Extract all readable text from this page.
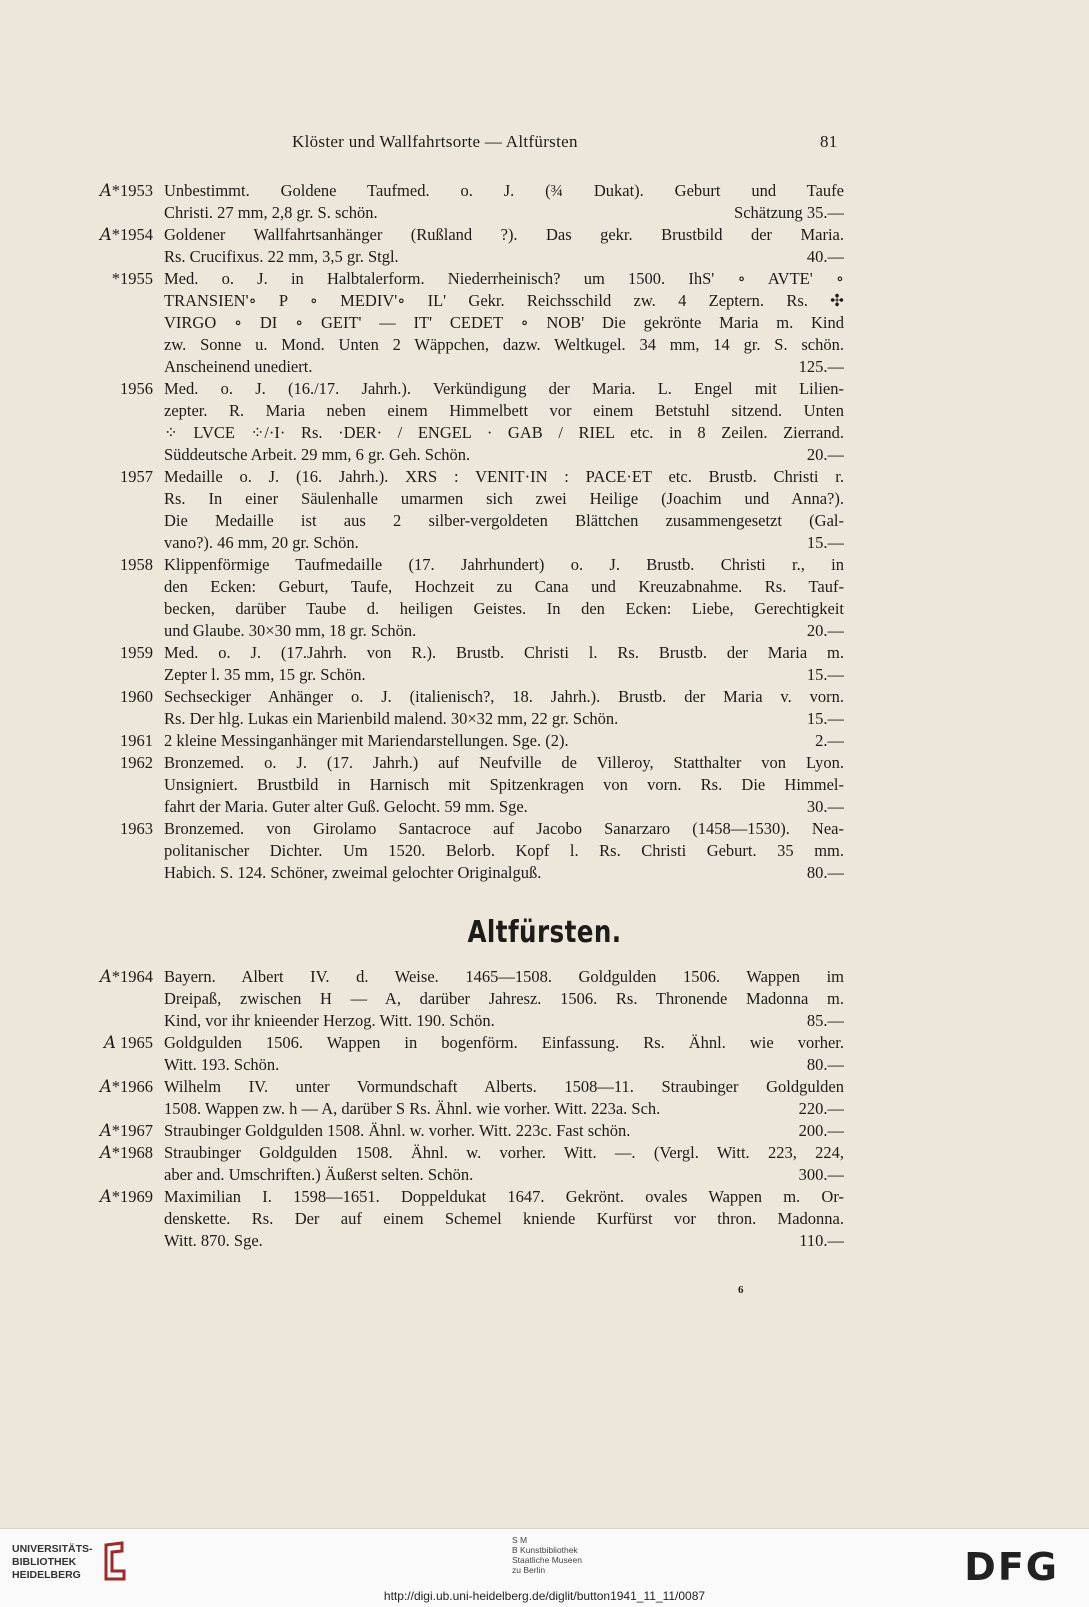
Klöster und Wallfahrtsorte — Altfürsten	81
𝐴*1953 Unbestimmt. Goldene Taufmed. o. J. (¾ Dukat). Geburt und Taufe
Christi. 27 mm, 2,8 gr. S. schön.	Schätzung 35.—
𝐴*1954 Goldener Wallfahrtsanhänger (Rußland ?). Das gekr. Brustbild der Maria.
Rs. Crucifixus. 22 mm, 3,5 gr. Stgl.	40.—
*1955 Med. o. J. in Halbtalerform. Niederrheinisch? um 1500. IhS' ∘ AVTE' ∘
TRANSIEN'∘ P ∘ MEDIV'∘ IL' Gekr. Reichsschild zw. 4 Zeptern. Rs. ✣
VIRGO ∘ DI ∘ GEIT' — IT' CEDET ∘ NOB' Die gekrönte Maria m. Kind
zw. Sonne u. Mond. Unten 2 Wäppchen, dazw. Weltkugel. 34 mm, 14 gr. S. schön.
Anscheinend unediert.	125.—
1956 Med. o. J. (16./17. Jahrh.). Verkündigung der Maria. L. Engel mit Lilien-
zepter. R. Maria neben einem Himmelbett vor einem Betstuhl sitzend. Unten
⁘ LVCE ⁘/·I· Rs. ·DER· / ENGEL · GAB / RIEL etc. in 8 Zeilen. Zierrand.
Süddeutsche Arbeit. 29 mm, 6 gr. Geh. Schön.	20.—
1957 Medaille o. J. (16. Jahrh.). XRS : VENIT·IN : PACE·ET etc. Brustb. Christi r.
Rs. In einer Säulenhalle umarmen sich zwei Heilige (Joachim und Anna?).
Die Medaille ist aus 2 silber-vergoldeten Blättchen zusammengesetzt (Gal-
vano?). 46 mm, 20 gr. Schön.	15.—
1958 Klippenförmige Taufmedaille (17. Jahrhundert) o. J. Brustb. Christi r., in
den Ecken: Geburt, Taufe, Hochzeit zu Cana und Kreuzabnahme. Rs. Tauf-
becken, darüber Taube d. heiligen Geistes. In den Ecken: Liebe, Gerechtigkeit
und Glaube. 30×30 mm, 18 gr. Schön.	20.—
1959 Med. o. J. (17.Jahrh. von R.). Brustb. Christi l. Rs. Brustb. der Maria m.
Zepter l. 35 mm, 15 gr. Schön.	15.—
1960 Sechseckiger Anhänger o. J. (italienisch?, 18. Jahrh.). Brustb. der Maria v. vorn.
Rs. Der hlg. Lukas ein Marienbild malend. 30×32 mm, 22 gr. Schön.	15.—
1961 2 kleine Messinganhänger mit Mariendarstellungen. Sge. (2).	2.—
1962 Bronzemed. o. J. (17. Jahrh.) auf Neufville de Villeroy, Statthalter von Lyon.
Unsigniert. Brustbild in Harnisch mit Spitzenkragen von vorn. Rs. Die Himmel-
fahrt der Maria. Guter alter Guß. Gelocht. 59 mm. Sge.	30.—
1963 Bronzemed. von Girolamo Santacroce auf Jacobo Sanarzaro (1458—1530). Nea-
politanischer Dichter. Um 1520. Belorb. Kopf l. Rs. Christi Geburt. 35 mm.
Habich. S. 124. Schöner, zweimal gelochter Originalguß.	80.—
Altfürsten.
𝐴*1964 Bayern. Albert IV. d. Weise. 1465—1508. Goldgulden 1506. Wappen im
Dreipaß, zwischen H — A, darüber Jahresz. 1506. Rs. Thronende Madonna m.
Kind, vor ihr knieender Herzog. Witt. 190. Schön.	85.—
𝐴 1965 Goldgulden 1506. Wappen in bogenförm. Einfassung. Rs. Ähnl. wie vorher.
Witt. 193. Schön.	80.—
𝐴*1966 Wilhelm IV. unter Vormundschaft Alberts. 1508—11. Straubinger Goldgulden
1508. Wappen zw. h — A, darüber S Rs. Ähnl. wie vorher. Witt. 223a. Sch.	220.—
𝐴*1967 Straubinger Goldgulden 1508. Ähnl. w. vorher. Witt. 223c. Fast schön.	200.—
𝐴*1968 Straubinger Goldgulden 1508. Ähnl. w. vorher. Witt. —. (Vergl. Witt. 223, 224,
aber and. Umschriften.) Äußerst selten. Schön.	300.—
𝐴*1969 Maximilian I. 1598—1651. Doppeldukat 1647. Gekrönt. ovales Wappen m. Or-
denskette. Rs. Der auf einem Schemel kniende Kurfürst vor thron. Madonna.
Witt. 870. Sge.	110.—
6
UNIVERSITÄTS-
BIBLIOTHEK
HEIDELBERG
S M
B Kunstbibliothek
Staatliche Museen
zu Berlin	DFG
http://digi.ub.uni-heidelberg.de/diglit/button1941_11_11/0087
